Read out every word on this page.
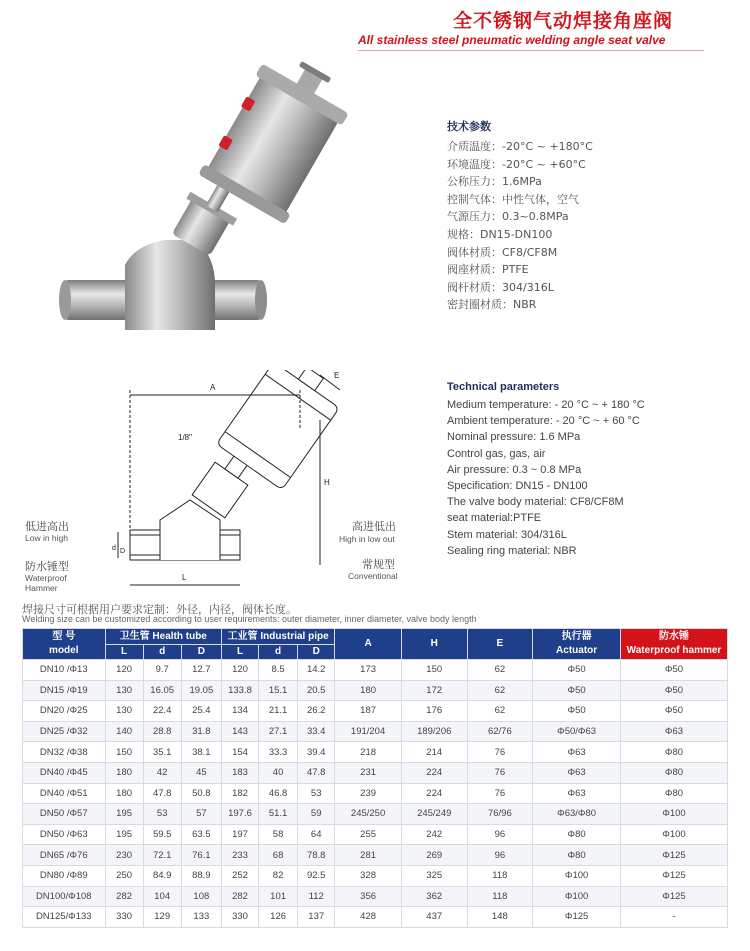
全不锈钢气动焊接角座阀
All stainless steel pneumatic welding angle seat valve
A
E
H
L
D
d
1/8"
低进高出
Low in high
防水锤型
Waterproof
Hammer
高进低出
High in low out
常规型
Conventional
技术参数
介质温度：-20°C ~ +180°C
环境温度：-20°C ~ +60°C
公称压力：1.6MPa
控制气体：中性气体，空气
气源压力：0.3~0.8MPa
规格：DN15-DN100
阀体材质：CF8/CF8M
阀座材质：PTFE
阀杆材质：304/316L
密封圈材质：NBR
Technical parameters
Medium temperature: - 20 °C ~ + 180 °C
Ambient temperature: - 20 °C ~ + 60 °C
Nominal pressure: 1.6 MPa
Control gas, gas, air
Air pressure: 0.3 ~ 0.8 MPa
Specification: DN15 - DN100
The valve body material: CF8/CF8M
seat material:PTFE
Stem material: 304/316L
Sealing ring material: NBR
焊接尺寸可根据用户要求定制：外径，内径，阀体长度。
Welding size can be customized according to user requirements: outer diameter, inner diameter, valve body length
型 号
model	卫生管 Health tube			工业管 Industrial pipe			A	H	E	执行器
Actuator	防水锤
Waterproof hammer

	L	d	D	L	d	D					
DN10 /Φ13	120	9.7	12.7	120	8.5	14.2	173	150	62	Φ50	Φ50
DN15 /Φ19	130	16.05	19.05	133.8	15.1	20.5	180	172	62	Φ50	Φ50
DN20 /Φ25	130	22.4	25.4	134	21.1	26.2	187	176	62	Φ50	Φ50
DN25 /Φ32	140	28.8	31.8	143	27.1	33.4	191/204	189/206	62/76	Φ50/Φ63	Φ63
DN32 /Φ38	150	35.1	38.1	154	33.3	39.4	218	214	76	Φ63	Φ80
DN40 /Φ45	180	42	45	183	40	47.8	231	224	76	Φ63	Φ80
DN40 /Φ51	180	47.8	50.8	182	46.8	53	239	224	76	Φ63	Φ80
DN50 /Φ57	195	53	57	197.6	51.1	59	245/250	245/249	76/96	Φ63/Φ80	Φ100
DN50 /Φ63	195	59.5	63.5	197	58	64	255	242	96	Φ80	Φ100
DN65 /Φ76	230	72.1	76.1	233	68	78.8	281	269	96	Φ80	Φ125
DN80 /Φ89	250	84.9	88.9	252	82	92.5	328	325	118	Φ100	Φ125
DN100/Φ108	282	104	108	282	101	112	356	362	118	Φ100	Φ125
DN125/Φ133	330	129	133	330	126	137	428	437	148	Φ125	-
